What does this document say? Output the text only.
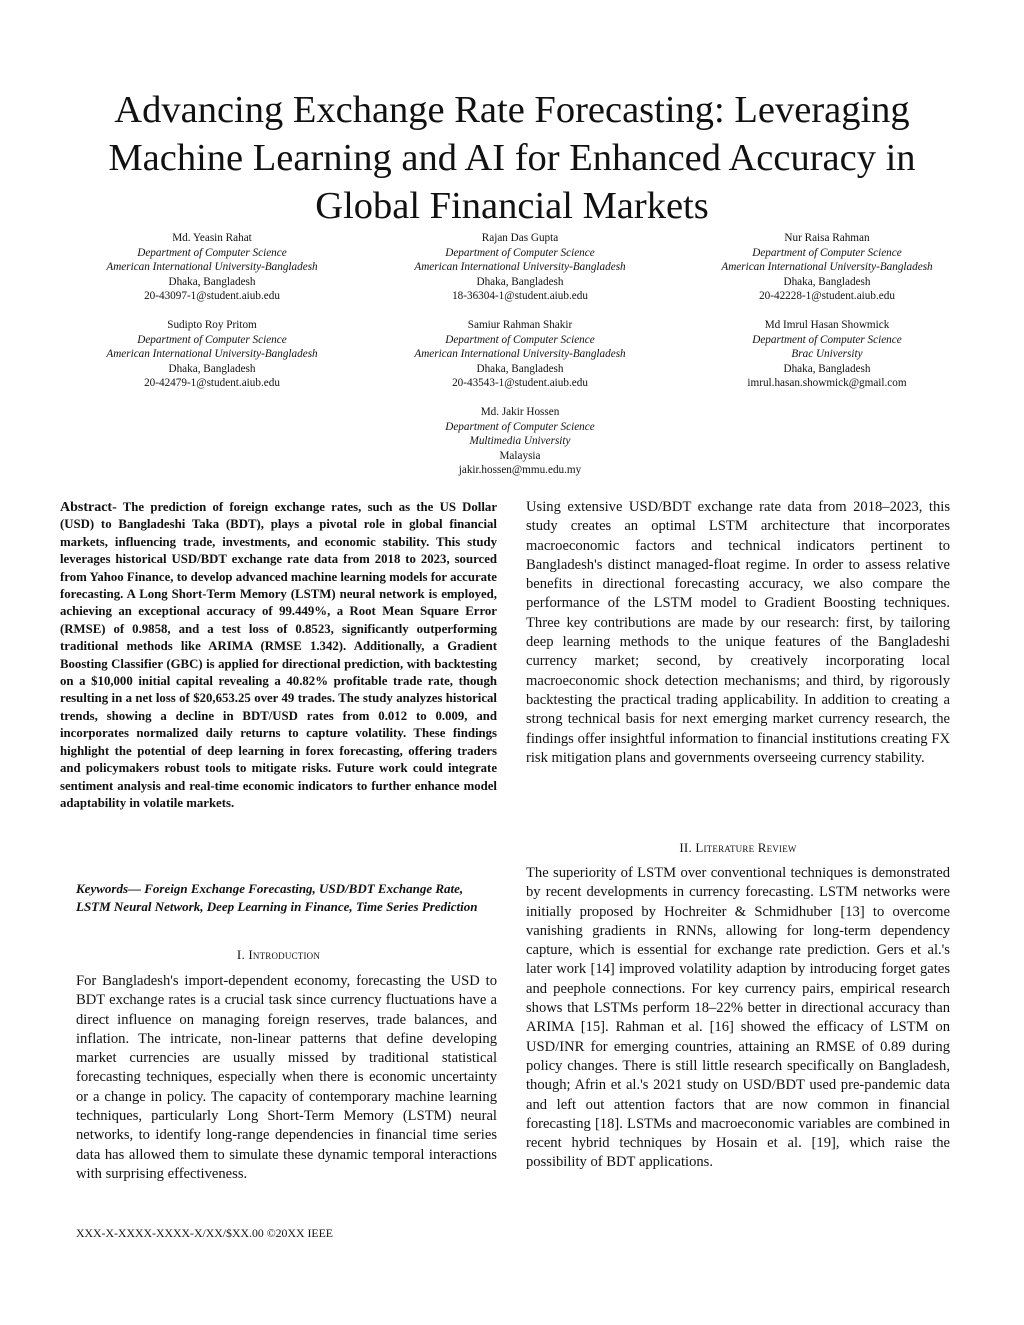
Advancing Exchange Rate Forecasting: Leveraging Machine Learning and AI for Enhanced Accuracy in Global Financial Markets
Md. Yeasin Rahat
Department of Computer Science
American International University-Bangladesh
Dhaka, Bangladesh
20-43097-1@student.aiub.edu
Rajan Das Gupta
Department of Computer Science
American International University-Bangladesh
Dhaka, Bangladesh
18-36304-1@student.aiub.edu
Nur Raisa Rahman
Department of Computer Science
American International University-Bangladesh
Dhaka, Bangladesh
20-42228-1@student.aiub.edu
Sudipto Roy Pritom
Department of Computer Science
American International University-Bangladesh
Dhaka, Bangladesh
20-42479-1@student.aiub.edu
Samiur Rahman Shakir
Department of Computer Science
American International University-Bangladesh
Dhaka, Bangladesh
20-43543-1@student.aiub.edu
Md Imrul Hasan Showmick
Department of Computer Science
Brac University
Dhaka, Bangladesh
imrul.hasan.showmick@gmail.com
Md. Jakir Hossen
Department of Computer Science
Multimedia University
Malaysia
jakir.hossen@mmu.edu.my
Abstract- The prediction of foreign exchange rates, such as the US Dollar (USD) to Bangladeshi Taka (BDT), plays a pivotal role in global financial markets, influencing trade, investments, and economic stability. This study leverages historical USD/BDT exchange rate data from 2018 to 2023, sourced from Yahoo Finance, to develop advanced machine learning models for accurate forecasting. A Long Short-Term Memory (LSTM) neural network is employed, achieving an exceptional accuracy of 99.449%, a Root Mean Square Error (RMSE) of 0.9858, and a test loss of 0.8523, significantly outperforming traditional methods like ARIMA (RMSE 1.342). Additionally, a Gradient Boosting Classifier (GBC) is applied for directional prediction, with backtesting on a $10,000 initial capital revealing a 40.82% profitable trade rate, though resulting in a net loss of $20,653.25 over 49 trades. The study analyzes historical trends, showing a decline in BDT/USD rates from 0.012 to 0.009, and incorporates normalized daily returns to capture volatility. These findings highlight the potential of deep learning in forex forecasting, offering traders and policymakers robust tools to mitigate risks. Future work could integrate sentiment analysis and real-time economic indicators to further enhance model adaptability in volatile markets.
Keywords— Foreign Exchange Forecasting, USD/BDT Exchange Rate, LSTM Neural Network, Deep Learning in Finance, Time Series Prediction
I. Introduction
For Bangladesh's import-dependent economy, forecasting the USD to BDT exchange rates is a crucial task since currency fluctuations have a direct influence on managing foreign reserves, trade balances, and inflation. The intricate, non-linear patterns that define developing market currencies are usually missed by traditional statistical forecasting techniques, especially when there is economic uncertainty or a change in policy. The capacity of contemporary machine learning techniques, particularly Long Short-Term Memory (LSTM) neural networks, to identify long-range dependencies in financial time series data has allowed them to simulate these dynamic temporal interactions with surprising effectiveness.
Using extensive USD/BDT exchange rate data from 2018–2023, this study creates an optimal LSTM architecture that incorporates macroeconomic factors and technical indicators pertinent to Bangladesh's distinct managed-float regime. In order to assess relative benefits in directional forecasting accuracy, we also compare the performance of the LSTM model to Gradient Boosting techniques. Three key contributions are made by our research: first, by tailoring deep learning methods to the unique features of the Bangladeshi currency market; second, by creatively incorporating local macroeconomic shock detection mechanisms; and third, by rigorously backtesting the practical trading applicability. In addition to creating a strong technical basis for next emerging market currency research, the findings offer insightful information to financial institutions creating FX risk mitigation plans and governments overseeing currency stability.
II. Literature Review
The superiority of LSTM over conventional techniques is demonstrated by recent developments in currency forecasting. LSTM networks were initially proposed by Hochreiter & Schmidhuber [13] to overcome vanishing gradients in RNNs, allowing for long-term dependency capture, which is essential for exchange rate prediction. Gers et al.'s later work [14] improved volatility adaption by introducing forget gates and peephole connections. For key currency pairs, empirical research shows that LSTMs perform 18–22% better in directional accuracy than ARIMA [15]. Rahman et al. [16] showed the efficacy of LSTM on USD/INR for emerging countries, attaining an RMSE of 0.89 during policy changes. There is still little research specifically on Bangladesh, though; Afrin et al.'s 2021 study on USD/BDT used pre-pandemic data and left out attention factors that are now common in financial forecasting [18]. LSTMs and macroeconomic variables are combined in recent hybrid techniques by Hosain et al. [19], which raise the possibility of BDT applications.
XXX-X-XXXX-XXXX-X/XX/$XX.00 ©20XX IEEE
